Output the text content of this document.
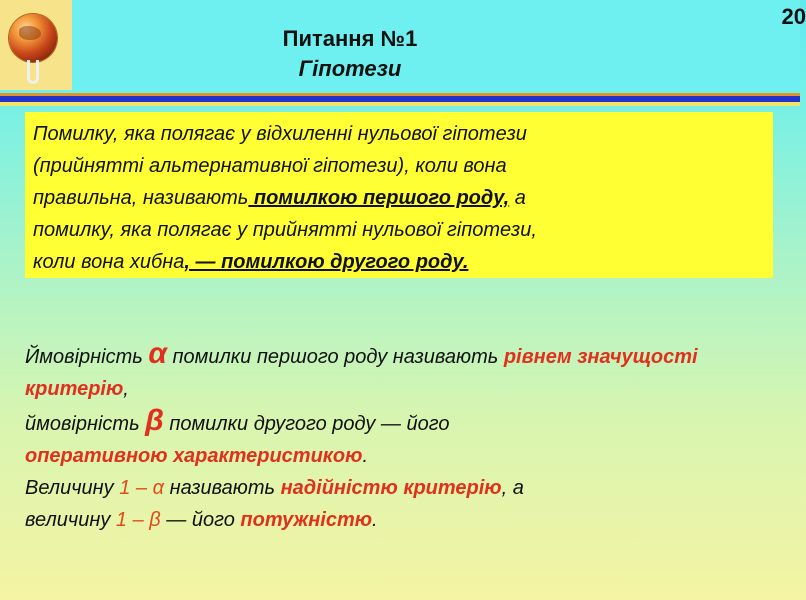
Питання №1
Гіпотези
20
Помилку, яка полягає у відхиленні нульової гіпотези
(прийнятті альтернативної гіпотези), коли вона
правильна, називають помилкою першого роду, а
помилку, яка полягає у прийнятті нульової гіпотези,
коли вона хибна, — помилкою другого роду.
Ймовірність α помилки першого роду називають рівнем значущості критерію,
ймовірність β помилки другого роду — його
оперативною характеристикою.
Величину 1 – α називають надійністю критерію, а
величину 1 – β — його потужністю.
